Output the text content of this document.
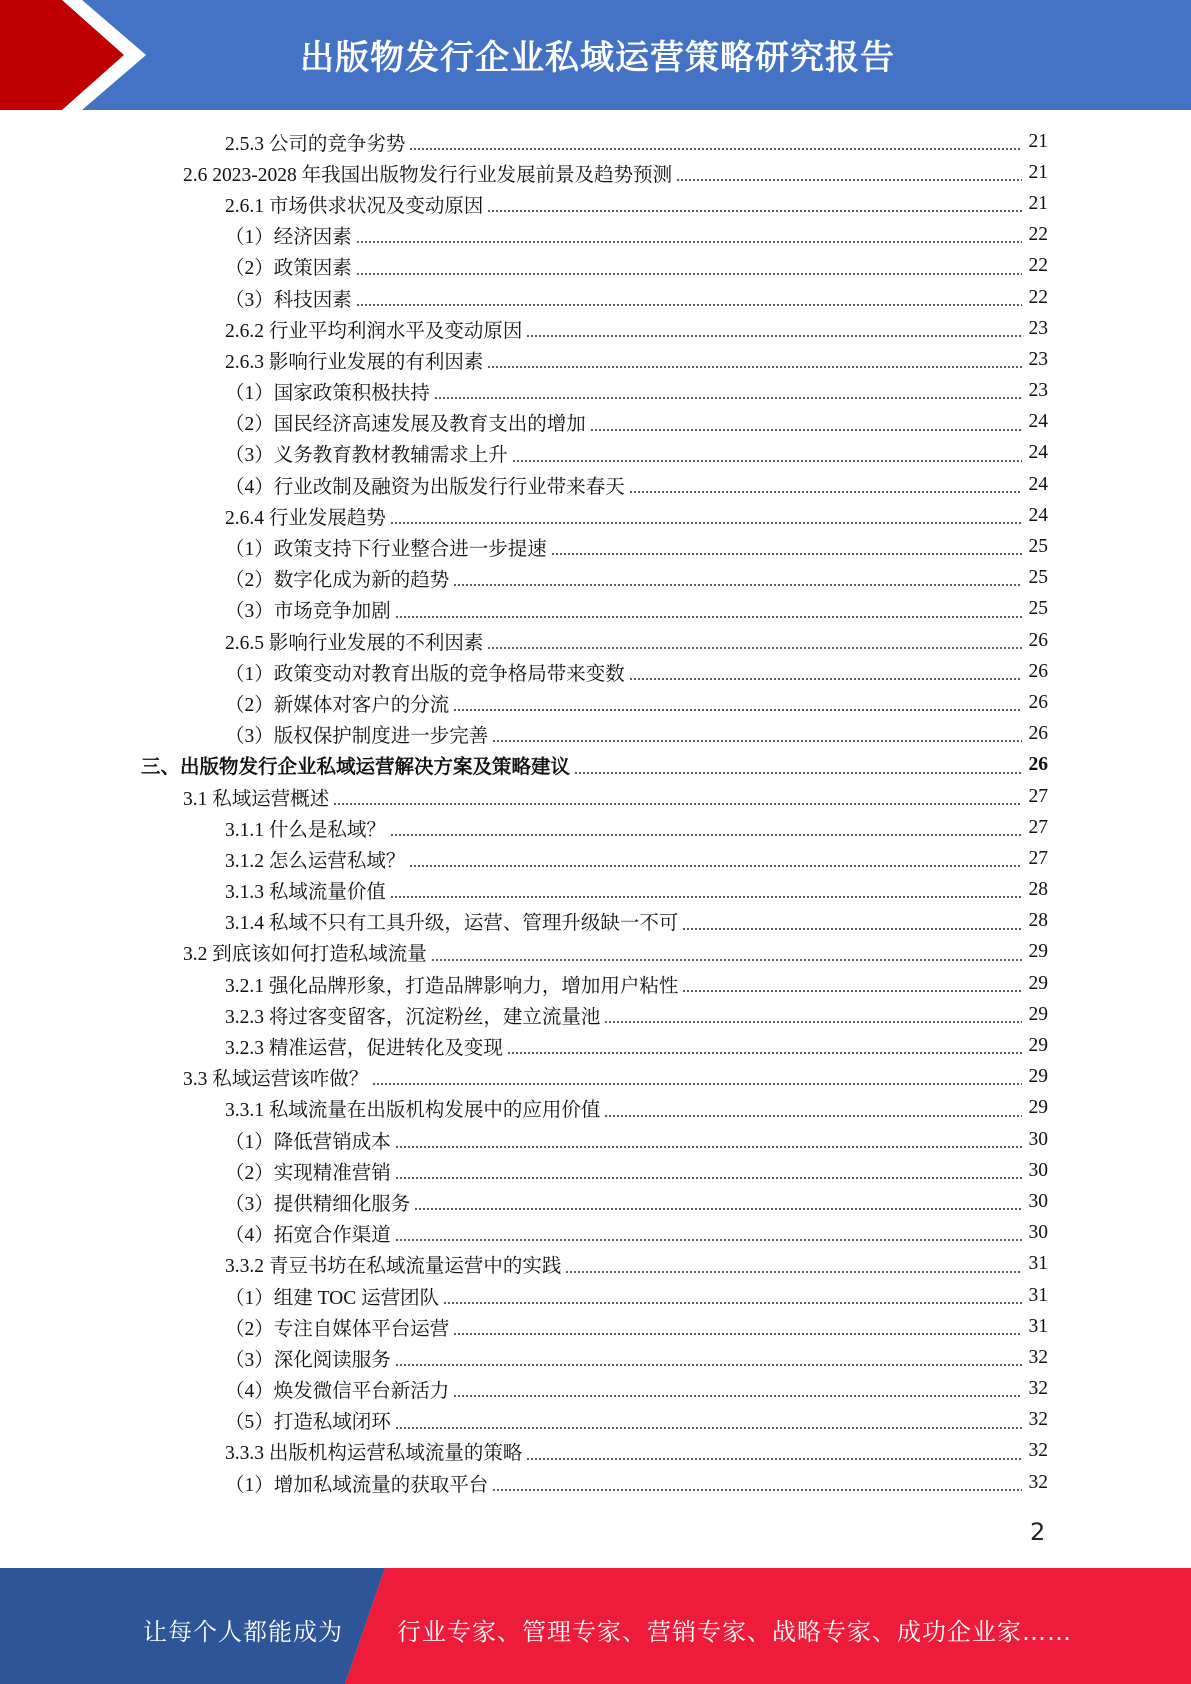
出版物发行企业私域运营策略研究报告
2.5.3 公司的竞争劣势	21
2.6 2023-2028 年我国出版物发行行业发展前景及趋势预测	21
2.6.1 市场供求状况及变动原因	21
（1）经济因素	22
（2）政策因素	22
（3）科技因素	22
2.6.2 行业平均利润水平及变动原因	23
2.6.3 影响行业发展的有利因素	23
（1）国家政策积极扶持	23
（2）国民经济高速发展及教育支出的增加	24
（3）义务教育教材教辅需求上升	24
（4）行业改制及融资为出版发行行业带来春天	24
2.6.4 行业发展趋势	24
（1）政策支持下行业整合进一步提速	25
（2）数字化成为新的趋势	25
（3）市场竞争加剧	25
2.6.5 影响行业发展的不利因素	26
（1）政策变动对教育出版的竞争格局带来变数	26
（2）新媒体对客户的分流	26
（3）版权保护制度进一步完善	26
三、出版物发行企业私域运营解决方案及策略建议	26
3.1 私域运营概述	27
3.1.1 什么是私域？	27
3.1.2 怎么运营私域？	27
3.1.3 私域流量价值	28
3.1.4 私域不只有工具升级，运营、管理升级缺一不可	28
3.2 到底该如何打造私域流量	29
3.2.1 强化品牌形象，打造品牌影响力，增加用户粘性	29
3.2.3 将过客变留客，沉淀粉丝，建立流量池	29
3.2.3 精准运营，促进转化及变现	29
3.3 私域运营该咋做？	29
3.3.1 私域流量在出版机构发展中的应用价值	29
（1）降低营销成本	30
（2）实现精准营销	30
（3）提供精细化服务	30
（4）拓宽合作渠道	30
3.3.2 青豆书坊在私域流量运营中的实践	31
（1）组建 TOC 运营团队	31
（2）专注自媒体平台运营	31
（3）深化阅读服务	32
（4）焕发微信平台新活力	32
（5）打造私域闭环	32
3.3.3 出版机构运营私域流量的策略	32
（1）增加私域流量的获取平台	32
2
让每个人都能成为 行业专家、管理专家、营销专家、战略专家、成功企业家……
